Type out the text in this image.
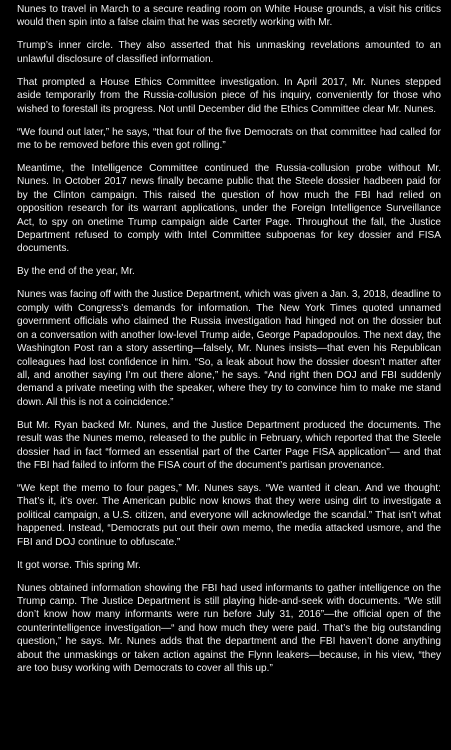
Nunes to travel in March to a secure reading room on White House grounds, a visit his critics would then spin into a false claim that he was secretly working with Mr.

Trump’s inner circle. They also asserted that his unmasking revelations amounted to an unlawful disclosure of classified information.

That prompted a House Ethics Committee investigation. In April 2017, Mr. Nunes stepped aside temporarily from the Russia-collusion piece of his inquiry, conveniently for those who wished to forestall its progress. Not until December did the Ethics Committee clear Mr. Nunes.

“We found out later,” he says, “that four of the five Democrats on that committee had called for me to be removed before this even got rolling.”

Meantime, the Intelligence Committee continued the Russia-collusion probe without Mr. Nunes. In October 2017 news finally became public that the Steele dossier hadbeen paid for by the Clinton campaign. This raised the question of how much the FBI had relied on opposition research for its warrant applications, under the Foreign Intelligence Surveillance Act, to spy on onetime Trump campaign aide Carter Page. Throughout the fall, the Justice Department refused to comply with Intel Committee subpoenas for key dossier and FISA documents.

By the end of the year, Mr.

Nunes was facing off with the Justice Department, which was given a Jan. 3, 2018, deadline to comply with Congress’s demands for information. The New York Times quoted unnamed government officials who claimed the Russia investigation had hinged not on the dossier but on a conversation with another low-level Trump aide, George Papadopoulos. The next day, the Washington Post ran a story asserting—falsely, Mr. Nunes insists—that even his Republican colleagues had lost confidence in him. “So, a leak about how the dossier doesn’t matter after all, and another saying I’m out there alone,” he says. “And right then DOJ and FBI suddenly demand a private meeting with the speaker, where they try to convince him to make me stand down. All this is not a coincidence.”

But Mr. Ryan backed Mr. Nunes, and the Justice Department produced the documents. The result was the Nunes memo, released to the public in February, which reported that the Steele dossier had in fact “formed an essential part of the Carter Page FISA application”— and that the FBI had failed to inform the FISA court of the document’s partisan provenance.

“We kept the memo to four pages,” Mr. Nunes says. “We wanted it clean. And we thought: That’s it, it’s over. The American public now knows that they were using dirt to investigate a political campaign, a U.S. citizen, and everyone will acknowledge the scandal.” That isn’t what happened. Instead, “Democrats put out their own memo, the media attacked usmore, and the FBI and DOJ continue to obfuscate.”

It got worse. This spring Mr.

Nunes obtained information showing the FBI had used informants to gather intelligence on the Trump camp. The Justice Department is still playing hide-and-seek with documents. “We still don’t know how many informants were run before July 31, 2016”—the official open of the counterintelligence investigation—“ and how much they were paid. That’s the big outstanding question,” he says. Mr. Nunes adds that the department and the FBI haven’t done anything about the unmaskings or taken action against the Flynn leakers—because, in his view, “they are too busy working with Democrats to cover all this up.”
